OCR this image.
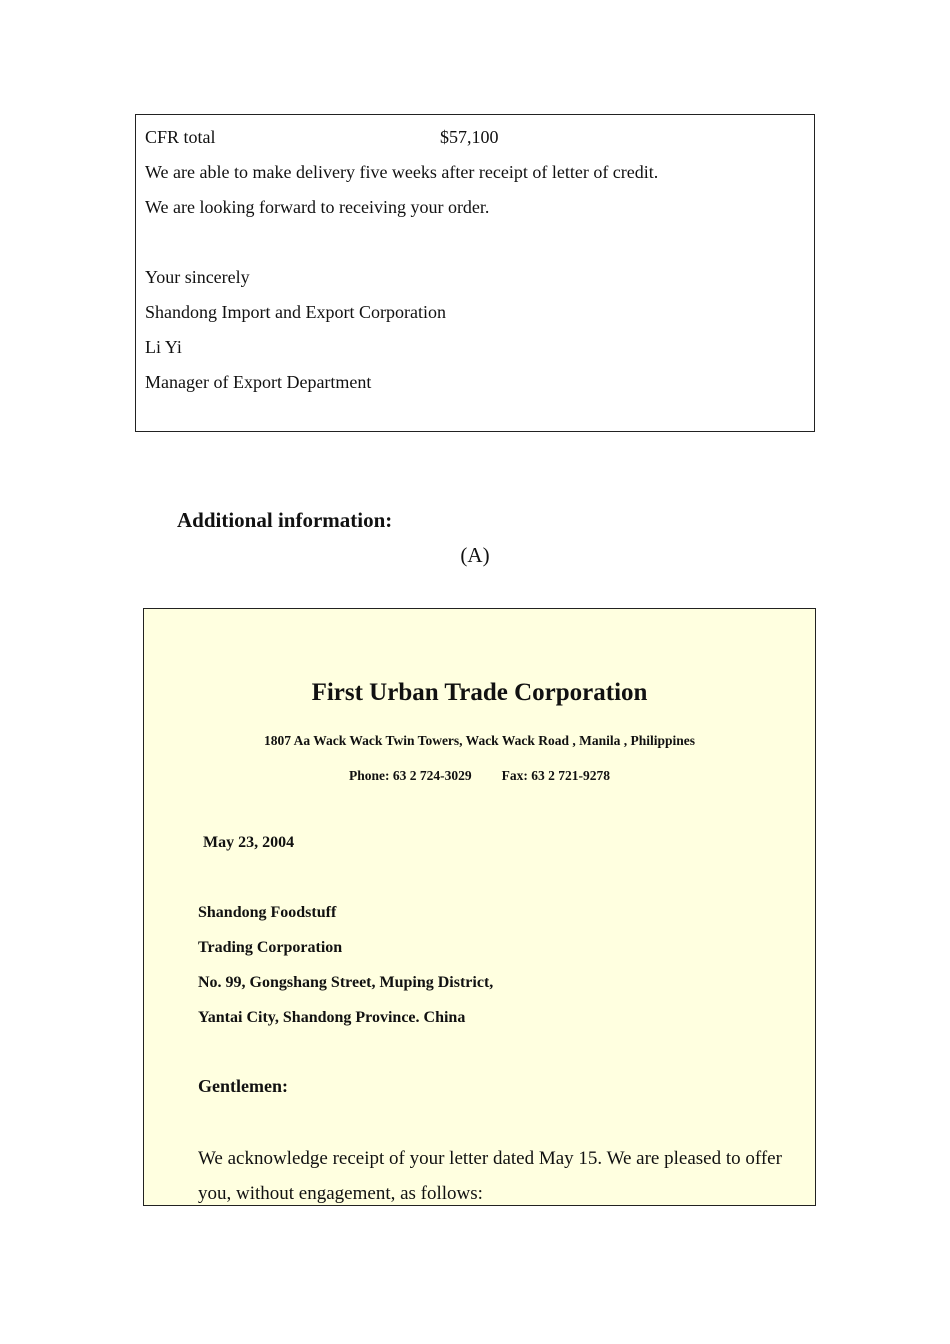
CFR total	$57,100
We are able to make delivery five weeks after receipt of letter of credit.
We are looking forward to receiving your order.
Your sincerely
Shandong Import and Export Corporation
Li Yi
Manager of Export Department
Additional information:
(A)
First Urban Trade Corporation
1807 Aa Wack Wack Twin Towers, Wack Wack Road , Manila , Philippines
Phone: 63 2 724-3029 Fax: 63 2 721-9278
May 23, 2004
Shandong Foodstuff
Trading Corporation
No. 99, Gongshang Street, Muping District,
Yantai City, Shandong Province. China
Gentlemen:
We acknowledge receipt of your letter dated May 15. We are pleased to offer you, without engagement, as follows:
